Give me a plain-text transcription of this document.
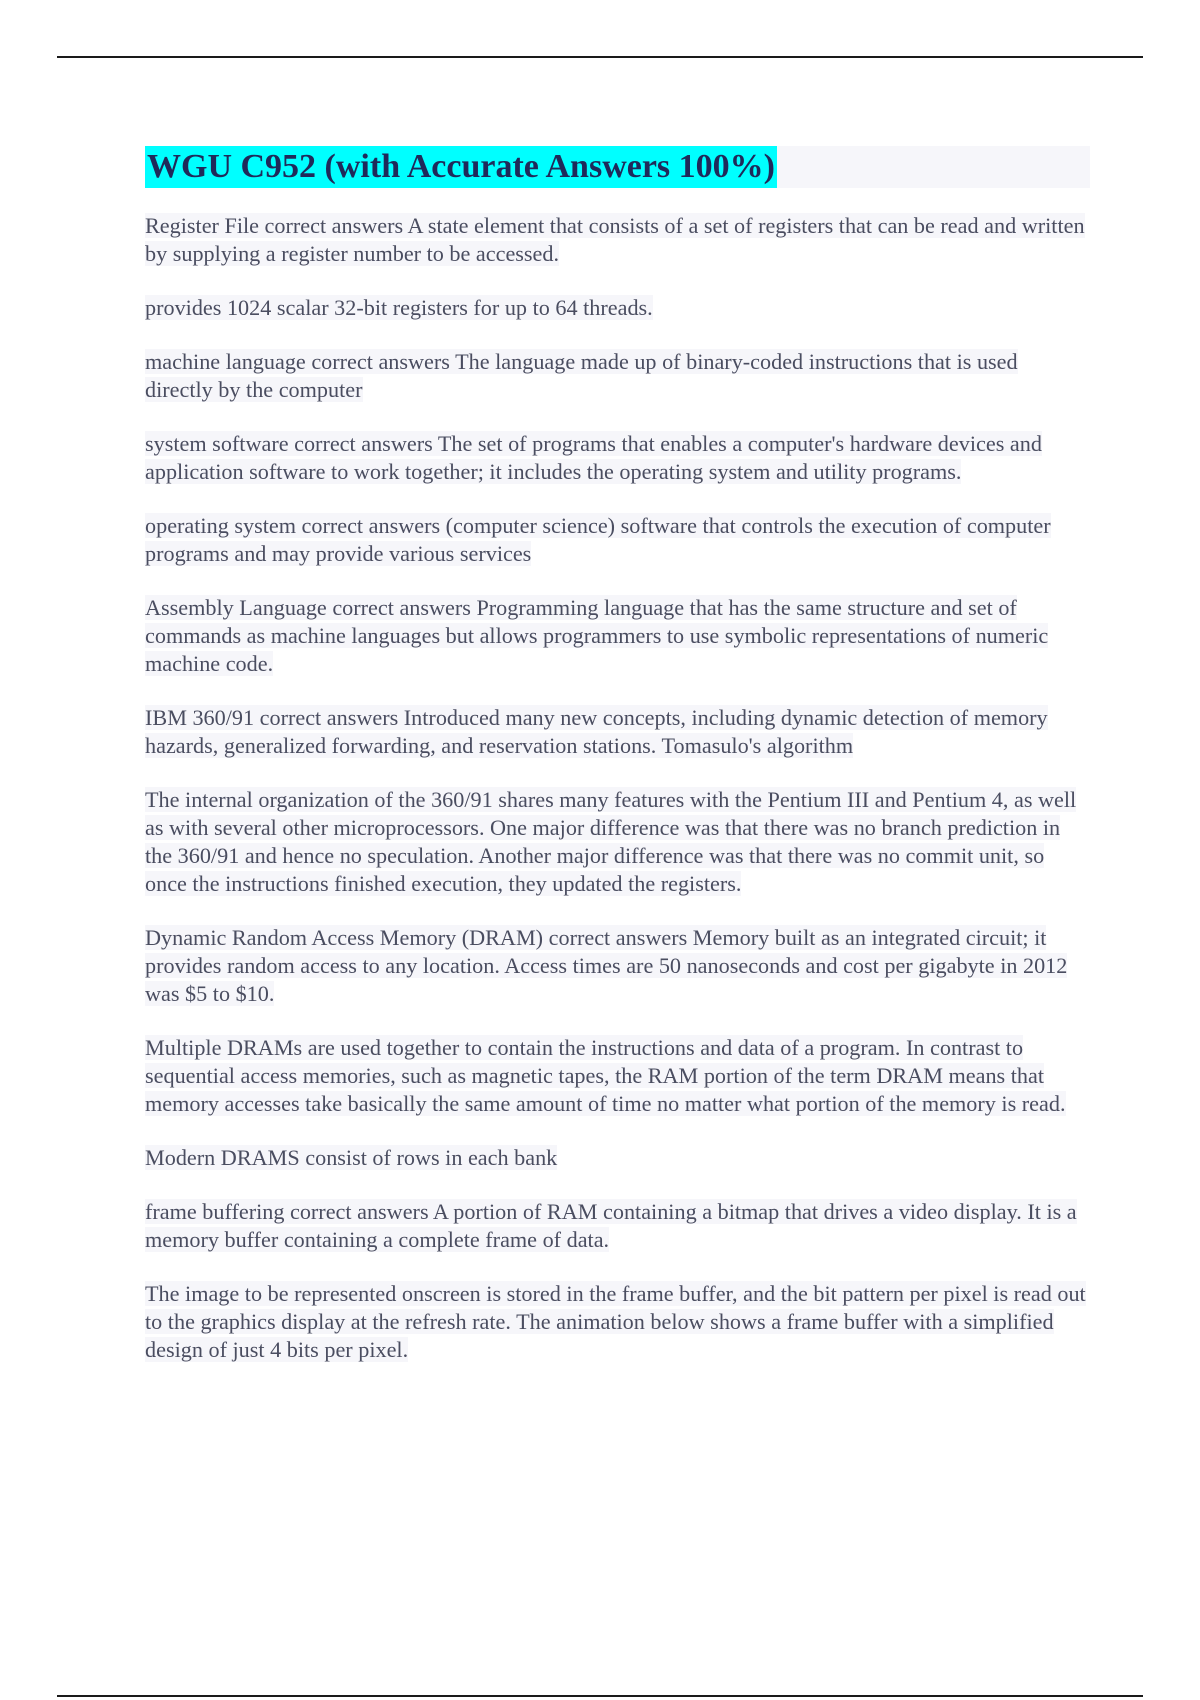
WGU C952 (with Accurate Answers 100%)

Register File correct answers A state element that consists of a set of registers that can be read and written by supplying a register number to be accessed.

provides 1024 scalar 32-bit registers for up to 64 threads.

machine language correct answers The language made up of binary-coded instructions that is used directly by the computer

system software correct answers The set of programs that enables a computer's hardware devices and application software to work together; it includes the operating system and utility programs.

operating system correct answers (computer science) software that controls the execution of computer programs and may provide various services

Assembly Language correct answers Programming language that has the same structure and set of commands as machine languages but allows programmers to use symbolic representations of numeric machine code.

IBM 360/91 correct answers Introduced many new concepts, including dynamic detection of memory hazards, generalized forwarding, and reservation stations. Tomasulo's algorithm

The internal organization of the 360/91 shares many features with the Pentium III and Pentium 4, as well as with several other microprocessors. One major difference was that there was no branch prediction in the 360/91 and hence no speculation. Another major difference was that there was no commit unit, so once the instructions finished execution, they updated the registers.

Dynamic Random Access Memory (DRAM) correct answers Memory built as an integrated circuit; it provides random access to any location. Access times are 50 nanoseconds and cost per gigabyte in 2012 was $5 to $10.

Multiple DRAMs are used together to contain the instructions and data of a program. In contrast to sequential access memories, such as magnetic tapes, the RAM portion of the term DRAM means that memory accesses take basically the same amount of time no matter what portion of the memory is read.

Modern DRAMS consist of rows in each bank

frame buffering correct answers A portion of RAM containing a bitmap that drives a video display. It is a memory buffer containing a complete frame of data.

The image to be represented onscreen is stored in the frame buffer, and the bit pattern per pixel is read out to the graphics display at the refresh rate. The animation below shows a frame buffer with a simplified design of just 4 bits per pixel.
